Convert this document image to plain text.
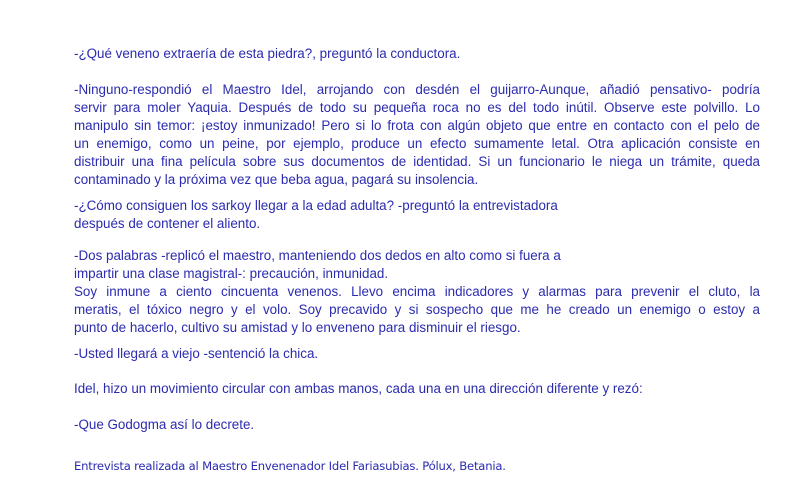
-¿Qué veneno extraería de esta piedra?, preguntó la conductora.

-Ninguno-respondió el Maestro Idel, arrojando con desdén el guijarro-Aunque, añadió pensativo- podría
servir para moler Yaquia. Después de todo su pequeña roca no es del todo inútil. Observe este polvillo. Lo
manipulo sin temor: ¡estoy inmunizado! Pero si lo frota con algún objeto que entre en contacto con el pelo de
un enemigo, como un peine, por ejemplo, produce un efecto sumamente letal. Otra aplicación consiste en
distribuir una fina película sobre sus documentos de identidad. Si un funcionario le niega un trámite, queda
contaminado y la próxima vez que beba agua, pagará su insolencia.

-¿Cómo consiguen los sarkoy llegar a la edad adulta? -preguntó la entrevistadora
después de contener el aliento.

-Dos palabras -replicó el maestro, manteniendo dos dedos en alto como si fuera a
impartir una clase magistral-: precaución, inmunidad.
Soy inmune a ciento cincuenta venenos. Llevo encima indicadores y alarmas para prevenir el cluto, la
meratis, el tóxico negro y el volo. Soy precavido y si sospecho que me he creado un enemigo o estoy a
punto de hacerlo, cultivo su amistad y lo enveneno para disminuir el riesgo.

-Usted llegará a viejo -sentenció la chica.

Idel, hizo un movimiento circular con ambas manos, cada una en una dirección diferente y rezó:

-Que Godogma así lo decrete.

Entrevista realizada al Maestro Envenenador Idel Fariasubias. Pólux, Betania.
